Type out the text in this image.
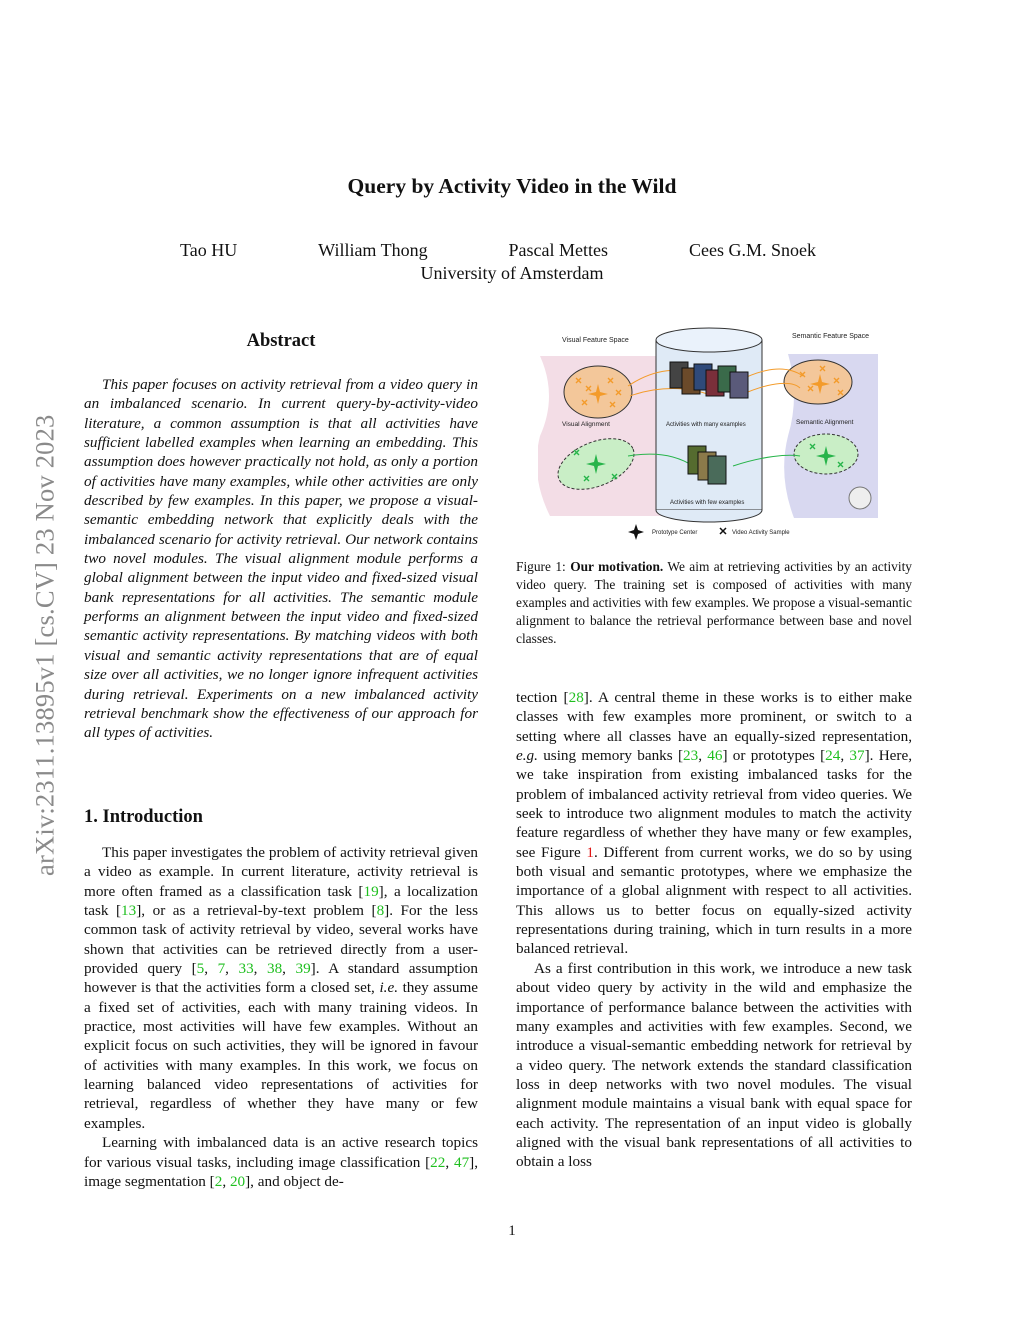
arXiv:2311.13895v1 [cs.CV] 23 Nov 2023
Query by Activity Video in the Wild
Tao HU	William Thong	Pascal Mettes	Cees G.M. Snoek
University of Amsterdam
Abstract

This paper focuses on activity retrieval from a video query in an imbalanced scenario. In current query-by-activity-video literature, a common assumption is that all activities have sufficient labelled examples when learning an embedding. This assumption does however practically not hold, as only a portion of activities have many examples, while other activities are only described by few examples. In this paper, we propose a visual-semantic embedding network that explicitly deals with the imbalanced scenario for activity retrieval. Our network contains two novel modules. The visual alignment module performs a global alignment between the input video and fixed-sized visual bank representations for all activities. The semantic module performs an alignment between the input video and fixed-sized semantic activity representations. By matching videos with both visual and semantic activity representations that are of equal size over all activities, we no longer ignore infrequent activities during retrieval. Experiments on a new imbalanced activity retrieval benchmark show the effectiveness of our approach for all types of activities.

1. Introduction

This paper investigates the problem of activity retrieval given a video as example. In current literature, activity retrieval is more often framed as a classification task [19], a localization task [13], or as a retrieval-by-text problem [8]. For the less common task of activity retrieval by video, several works have shown that activities can be retrieved directly from a user-provided query [5, 7, 33, 38, 39]. A standard assumption however is that the activities form a closed set, i.e. they assume a fixed set of activities, each with many training videos. In practice, most activities will have few examples. Without an explicit focus on such activities, they will be ignored in favour of activities with many examples. In this work, we focus on learning balanced video representations of activities for retrieval, regardless of whether they have many or few examples.

Learning with imbalanced data is an active research topics for various visual tasks, including image classification [22, 47], image segmentation [2, 20], and object de-

Visual Feature Space
Semantic Feature Space
Visual Alignment	Semantic Alignment
Activities with many examples
Activities with few examples
Prototype Center	Video Activity Sample
Figure 1: Our motivation. We aim at retrieving activities by an activity video query. The training set is composed of activities with many examples and activities with few examples. We propose a visual-semantic alignment to balance the retrieval performance between base and novel classes.

tection [28]. A central theme in these works is to either make classes with few examples more prominent, or switch to a setting where all classes have an equally-sized representation, e.g. using memory banks [23, 46] or prototypes [24, 37]. Here, we take inspiration from existing imbalanced tasks for the problem of imbalanced activity retrieval from video queries. We seek to introduce two alignment modules to match the activity feature regardless of whether they have many or few examples, see Figure 1. Different from current works, we do so by using both visual and semantic prototypes, where we emphasize the importance of a global alignment with respect to all activities. This allows us to better focus on equally-sized activity representations during training, which in turn results in a more balanced retrieval.

As a first contribution in this work, we introduce a new task about video query by activity in the wild and emphasize the importance of performance balance between the activities with many examples and activities with few examples. Second, we introduce a visual-semantic embedding network for retrieval by a video query. The network extends the standard classification loss in deep networks with two novel modules. The visual alignment module maintains a visual bank with equal space for each activity. The representation of an input video is globally aligned with the visual bank representations of all activities to obtain a loss

1
